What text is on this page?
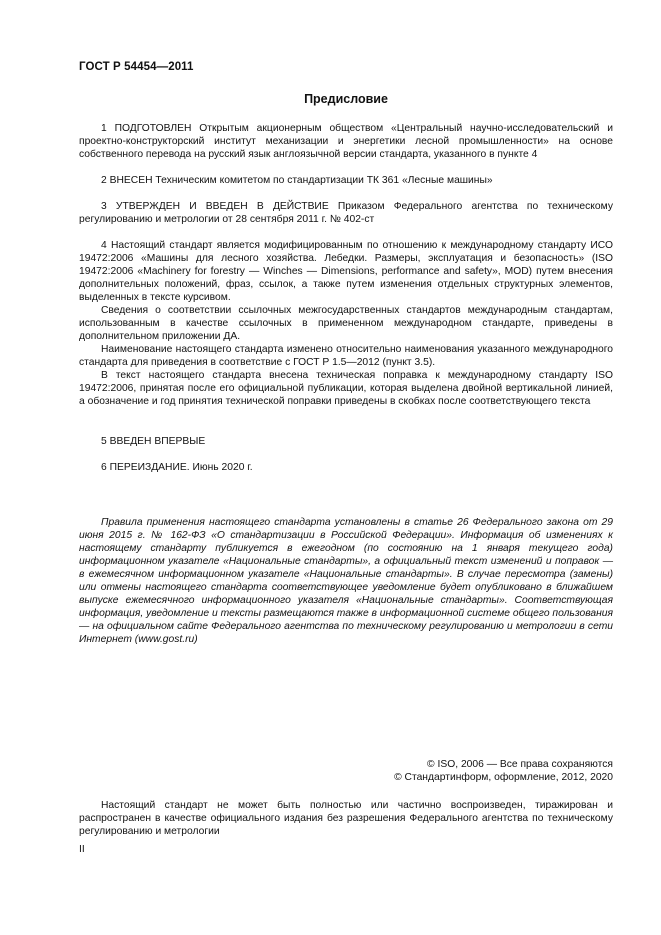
ГОСТ Р 54454—2011
Предисловие

1 ПОДГОТОВЛЕН Открытым акционерным обществом «Центральный научно-исследовательский и проектно-конструкторский институт механизации и энергетики лесной промышленности» на основе собственного перевода на русский язык англоязычной версии стандарта, указанного в пункте 4

2 ВНЕСЕН Техническим комитетом по стандартизации ТК 361 «Лесные машины»

3 УТВЕРЖДЕН И ВВЕДЕН В ДЕЙСТВИЕ Приказом Федерального агентства по техническому регулированию и метрологии от 28 сентября 2011 г. № 402-ст

4 Настоящий стандарт является модифицированным по отношению к международному стандарту ИСО 19472:2006 «Машины для лесного хозяйства. Лебедки. Размеры, эксплуатация и безопасность» (ISO 19472:2006 «Machinery for forestry — Winches — Dimensions, performance and safety», MOD) путем внесения дополнительных положений, фраз, ссылок, а также путем изменения отдельных структурных элементов, выделенных в тексте курсивом.

Сведения о соответствии ссылочных межгосударственных стандартов международным стандартам, использованным в качестве ссылочных в примененном международном стандарте, приведены в дополнительном приложении ДА.

Наименование настоящего стандарта изменено относительно наименования указанного международного стандарта для приведения в соответствие с ГОСТ Р 1.5—2012 (пункт 3.5).

В текст настоящего стандарта внесена техническая поправка к международному стандарту ISO 19472:2006, принятая после его официальной публикации, которая выделена двойной вертикальной линией, а обозначение и год принятия технической поправки приведены в скобках после соответствующего текста

5 ВВЕДЕН ВПЕРВЫЕ

6 ПЕРЕИЗДАНИЕ. Июнь 2020 г.

Правила применения настоящего стандарта установлены в статье 26 Федерального закона от 29 июня 2015 г. № 162-ФЗ «О стандартизации в Российской Федерации». Информация об изменениях к настоящему стандарту публикуется в ежегодном (по состоянию на 1 января текущего года) информационном указателе «Национальные стандарты», а официальный текст изменений и поправок — в ежемесячном информационном указателе «Национальные стандарты». В случае пересмотра (замены) или отмены настоящего стандарта соответствующее уведомление будет опубликовано в ближайшем выпуске ежемесячного информационного указателя «Национальные стандарты». Соответствующая информация, уведомление и тексты размещаются также в информационной системе общего пользования — на официальном сайте Федерального агентства по техническому регулированию и метрологии в сети Интернет (www.gost.ru)

© ISO, 2006 — Все права сохраняются

© Стандартинформ, оформление, 2012, 2020

Настоящий стандарт не может быть полностью или частично воспроизведен, тиражирован и распространен в качестве официального издания без разрешения Федерального агентства по техническому регулированию и метрологии

II
